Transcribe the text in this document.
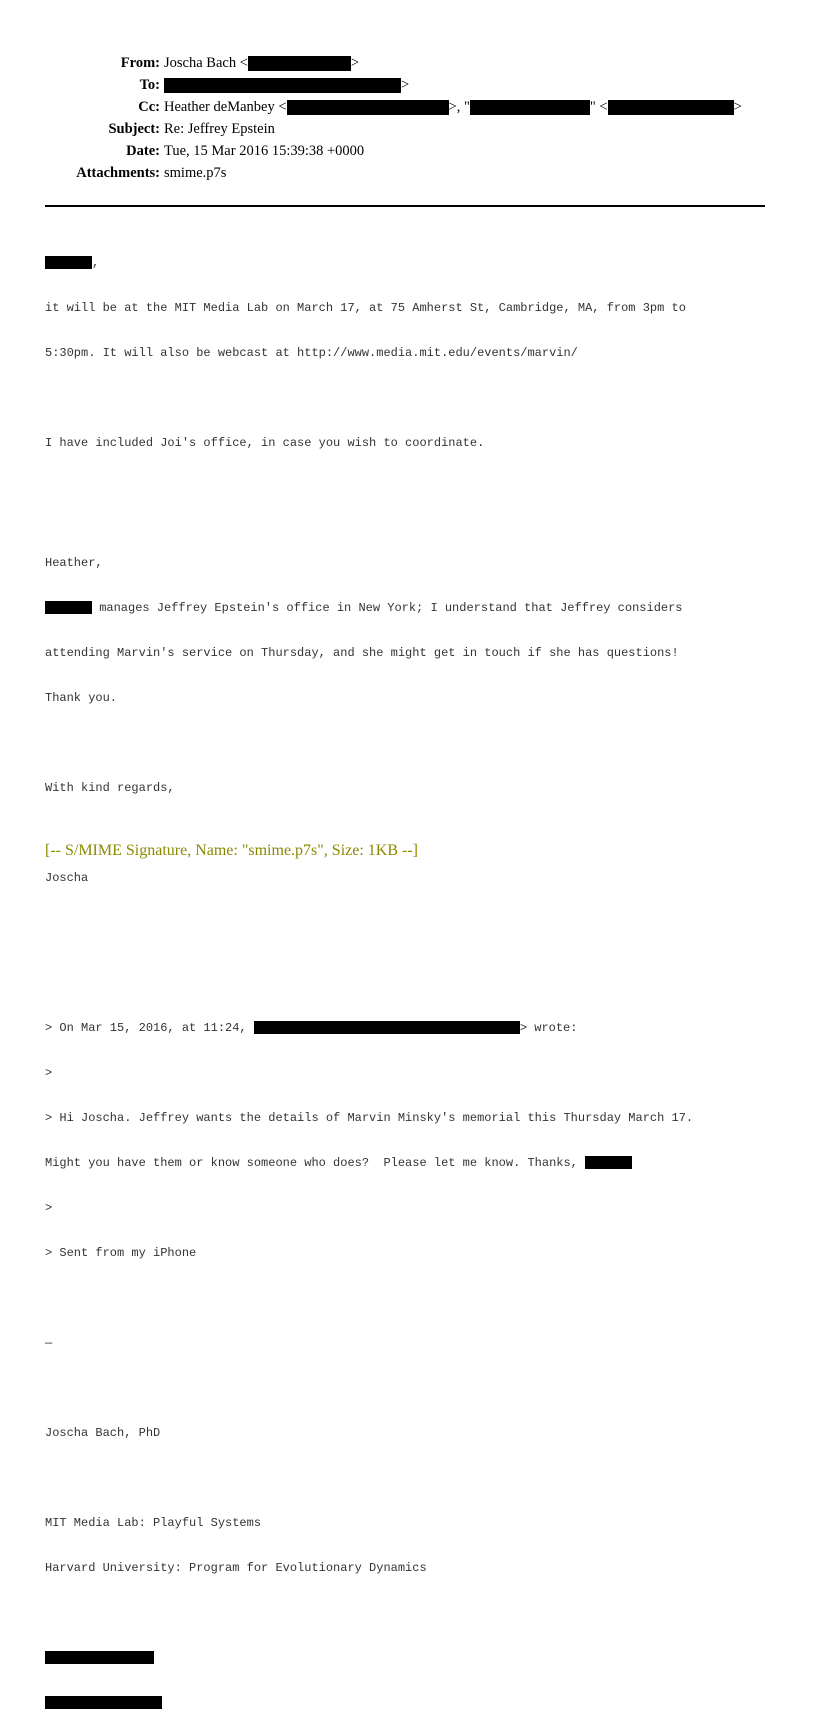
From: Joscha Bach <	>
To:	>
Cc: Heather deManbey <	>, "	" <	>
Subject: Re: Jeffrey Epstein
Date: Tue, 15 Mar 2016 15:39:38 +0000
Attachments: smime.p7s

,

it will be at the MIT Media Lab on March 17, at 75 Amherst St, Cambridge, MA, from 3pm to

5:30pm. It will also be webcast at http://www.media.mit.edu/events/marvin/

I have included Joi's office, in case you wish to coordinate.

Heather,

manages Jeffrey Epstein's office in New York; I understand that Jeffrey considers

attending Marvin's service on Thursday, and she might get in touch if she has questions!

Thank you.

With kind regards,

Joscha

> On Mar 15, 2016, at 11:24,	> wrote:

>

> Hi Joscha. Jeffrey wants the details of Marvin Minsky's memorial this Thursday March 17.

Might you have them or know someone who does?  Please let me know. Thanks,

>

> Sent from my iPhone

—

Joscha Bach, PhD

MIT Media Lab: Playful Systems

Harvard University: Program for Evolutionary Dynamics

[-- S/MIME Signature, Name: "smime.p7s", Size: 1KB --]
